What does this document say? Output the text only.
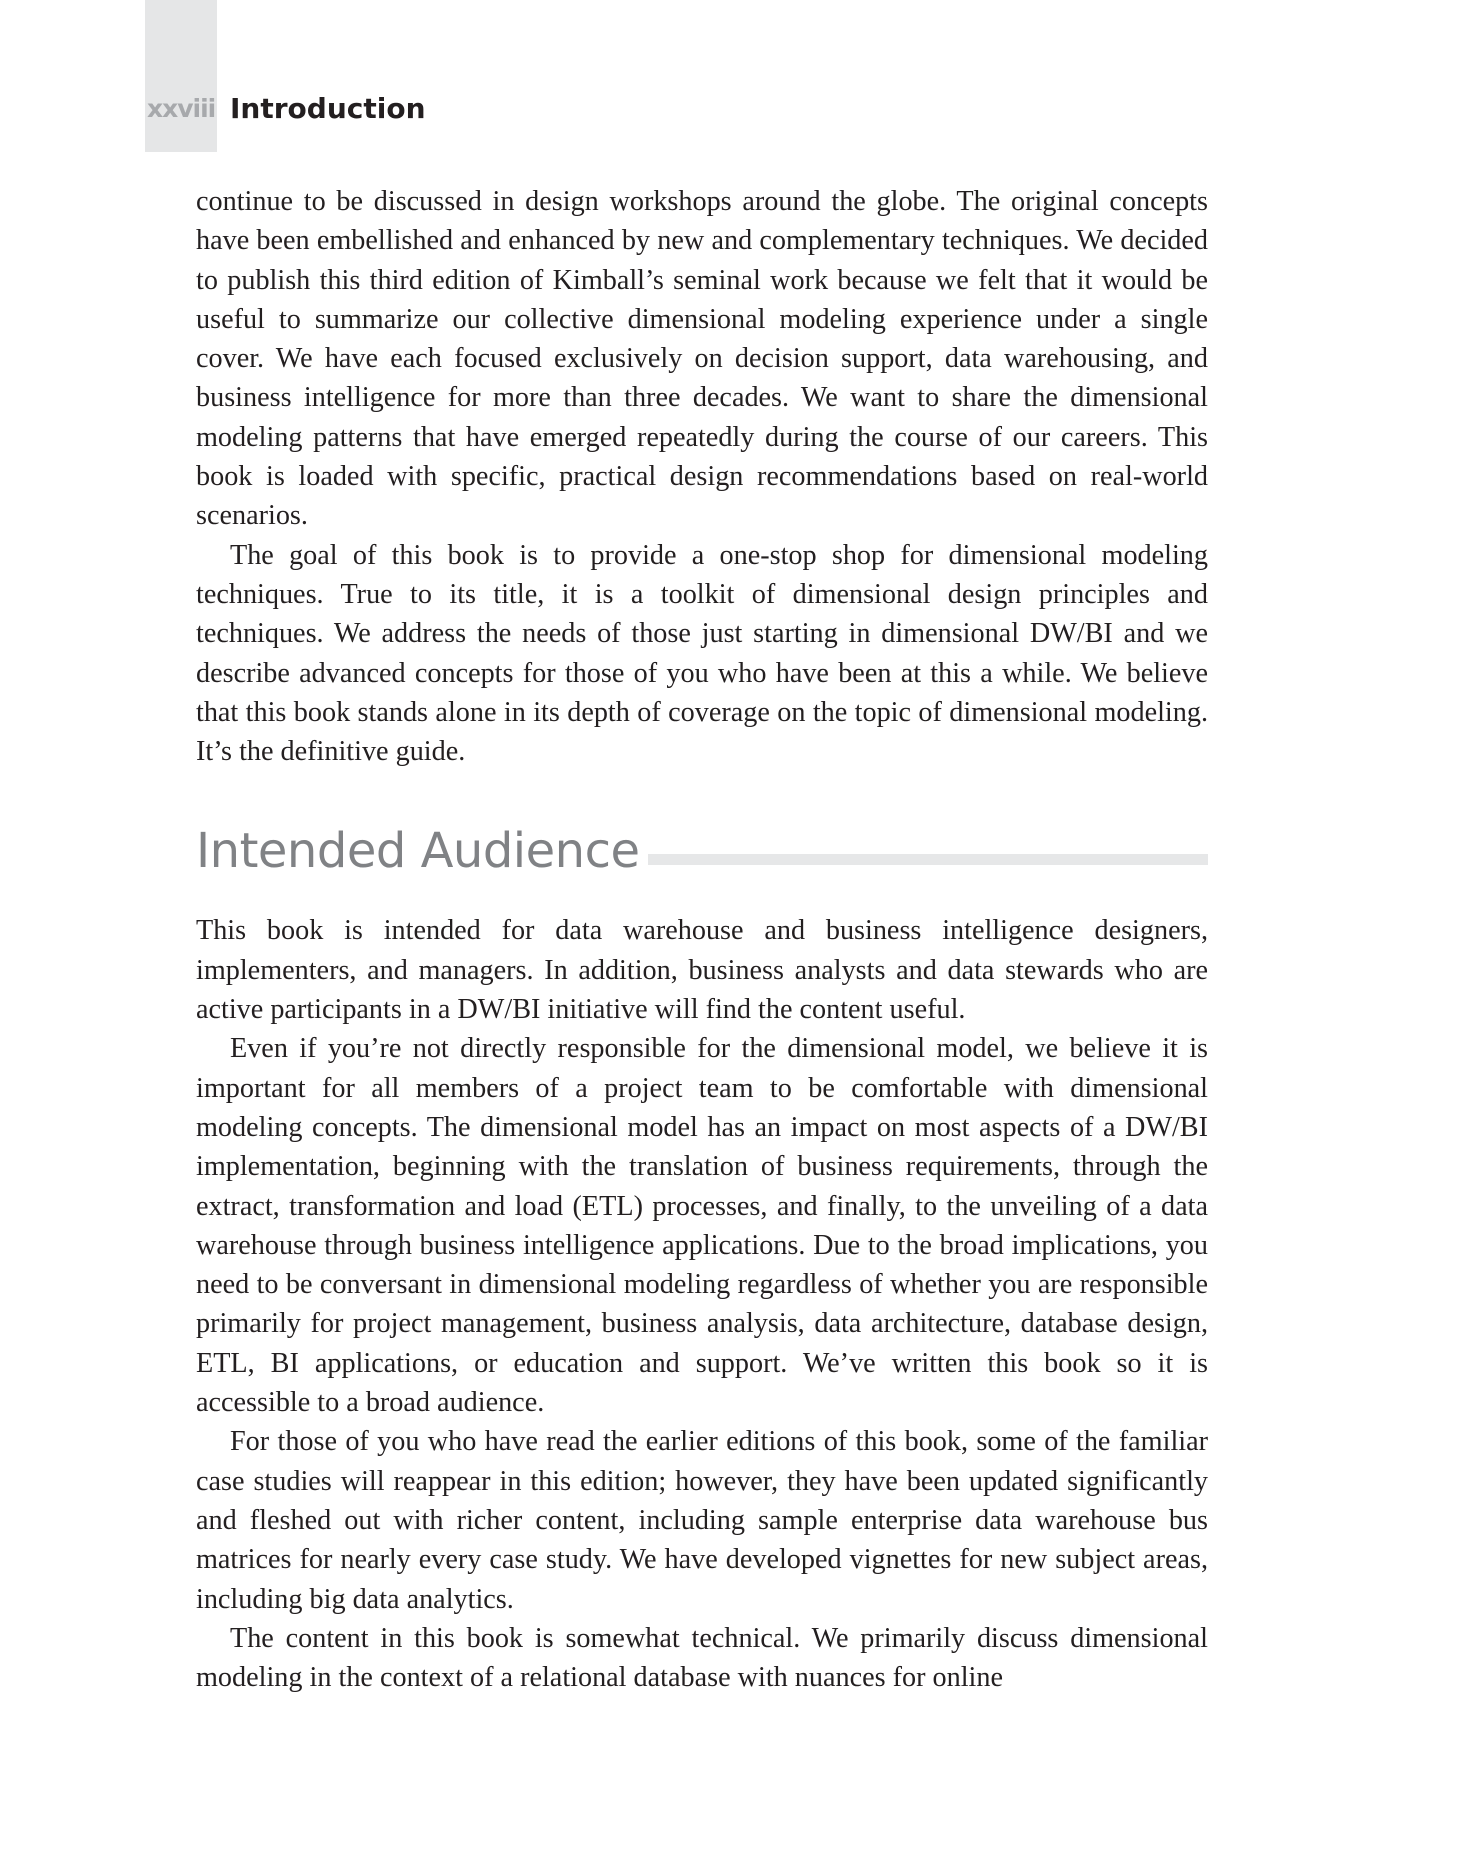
xxviii Introduction

continue to be discussed in design workshops around the globe. The original concepts have been embellished and enhanced by new and complementary techniques. We decided to publish this third edition of Kimball’s seminal work because we felt that it would be useful to summarize our collective dimensional modeling experience under a single cover. We have each focused exclusively on decision support, data warehousing, and business intelligence for more than three decades. We want to share the dimensional modeling patterns that have emerged repeatedly during the course of our careers. This book is loaded with specific, practical design recommendations based on real-world scenarios.

The goal of this book is to provide a one-stop shop for dimensional modeling techniques. True to its title, it is a toolkit of dimensional design principles and techniques. We address the needs of those just starting in dimensional DW/BI and we describe advanced concepts for those of you who have been at this a while. We believe that this book stands alone in its depth of coverage on the topic of dimensional modeling. It’s the definitive guide.

Intended Audience

This book is intended for data warehouse and business intelligence designers, implementers, and managers. In addition, business analysts and data stewards who are active participants in a DW/BI initiative will find the content useful.

Even if you’re not directly responsible for the dimensional model, we believe it is important for all members of a project team to be comfortable with dimensional modeling concepts. The dimensional model has an impact on most aspects of a DW/BI implementation, beginning with the translation of business requirements, through the extract, transformation and load (ETL) processes, and finally, to the unveiling of a data warehouse through business intelligence applications. Due to the broad implications, you need to be conversant in dimensional modeling regardless of whether you are responsible primarily for project management, business analysis, data architecture, database design, ETL, BI applications, or education and support. We’ve written this book so it is accessible to a broad audience.

For those of you who have read the earlier editions of this book, some of the familiar case studies will reappear in this edition; however, they have been updated significantly and fleshed out with richer content, including sample enterprise data warehouse bus matrices for nearly every case study. We have developed vignettes for new subject areas, including big data analytics.

The content in this book is somewhat technical. We primarily discuss dimensional modeling in the context of a relational database with nuances for online
